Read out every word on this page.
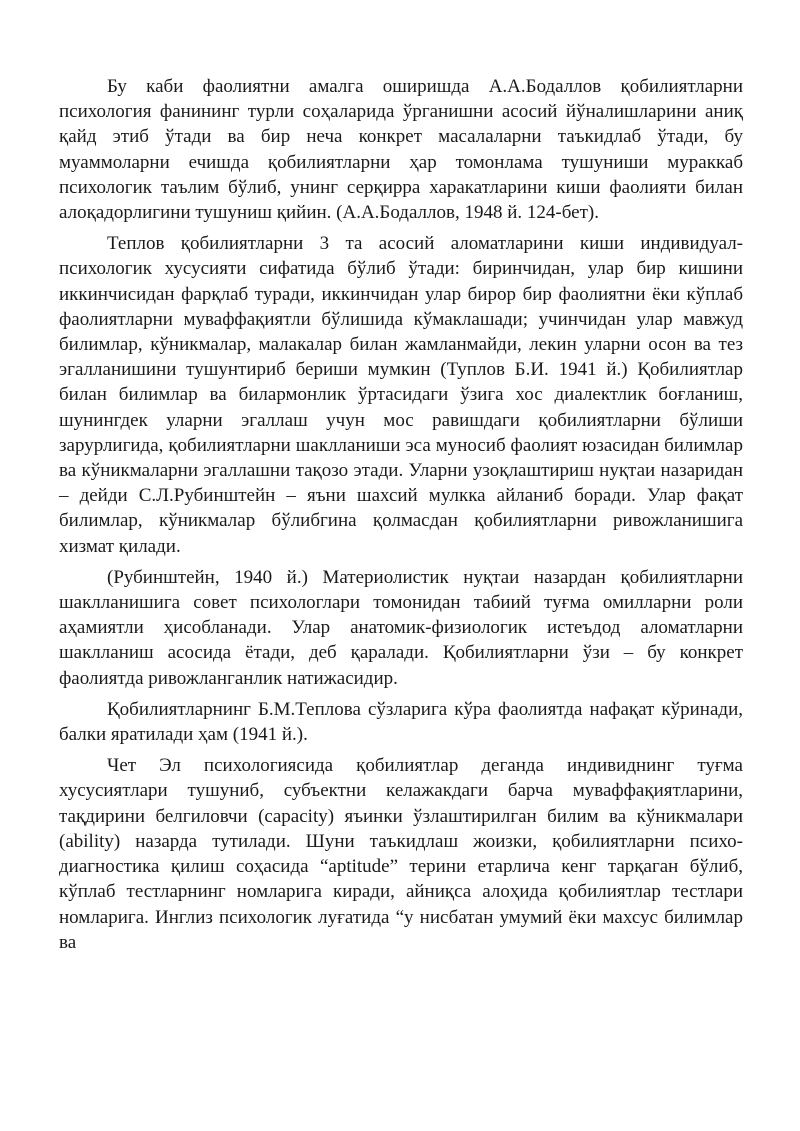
Бу каби фаолиятни амалга оширишда А.А.Бодаллов қобилиятларни психология фанининг турли соҳаларида ўрганишни асосий йўналишларини аниқ қайд этиб ўтади ва бир неча конкрет масалаларни таъкидлаб ўтади, бу муаммоларни ечишда қобилиятларни ҳар томонлама тушуниши мураккаб психологик таълим бўлиб, унинг серқирра харакатларини киши фаолияти билан алоқадорлигини тушуниш қийин. (А.А.Бодаллов, 1948 й. 124-бет).

Теплов қобилиятларни 3 та асосий аломатларини киши индивидуал-психологик хусусияти сифатида бўлиб ўтади: биринчидан, улар бир кишини иккинчисидан фарқлаб туради, иккинчидан улар бирор бир фаолиятни ёки кўплаб фаолиятларни муваффақиятли бўлишида кўмаклашади; учинчидан улар мавжуд билимлар, кўникмалар, малакалар билан жамланмайди, лекин уларни осон ва тез эгалланишини тушунтириб бериши мумкин (Туплов Б.И. 1941 й.) Қобилиятлар билан билимлар ва билармонлик ўртасидаги ўзига хос диалектлик боғланиш, шунингдек уларни эгаллаш учун мос равишдаги қобилиятларни бўлиши зарурлигида, қобилиятларни шаклланиши эса муносиб фаолият юзасидан билимлар ва кўникмаларни эгаллашни тақозо этади. Уларни узоқлаштириш нуқтаи назаридан – дейди С.Л.Рубинштейн – яъни шахсий мулкка айланиб боради. Улар фақат билимлар, кўникмалар бўлибгина қолмасдан қобилиятларни ривожланишига хизмат қилади.

(Рубинштейн, 1940 й.) Материолистик нуқтаи назардан қобилиятларни шаклланишига совет психологлари томонидан табиий туғма омилларни роли аҳамиятли ҳисобланади. Улар анатомик-физиологик истеъдод аломатларни шаклланиш асосида ётади, деб қаралади. Қобилиятларни ўзи – бу конкрет фаолиятда ривожланганлик натижасидир.

Қобилиятларнинг Б.М.Теплова сўзларига кўра фаолиятда нафақат кўринади, балки яратилади ҳам (1941 й.).

Чет Эл психологиясида қобилиятлар деганда индивиднинг туғма хусусиятлари тушуниб, субъектни келажакдаги барча муваффақиятларини, тақдирини белгиловчи (capacity) яъинки ўзлаштирилган билим ва кўникмалари (ability) назарда тутилади. Шуни таъкидлаш жоизки, қобилиятларни психо-диагностика қилиш соҳасида “aptitude” терини етарлича кенг тарқаган бўлиб, кўплаб тестларнинг номларига киради, айниқса алоҳида қобилиятлар тестлари номларига. Инглиз психологик луғатида “у нисбатан умумий ёки махсус билимлар ва
